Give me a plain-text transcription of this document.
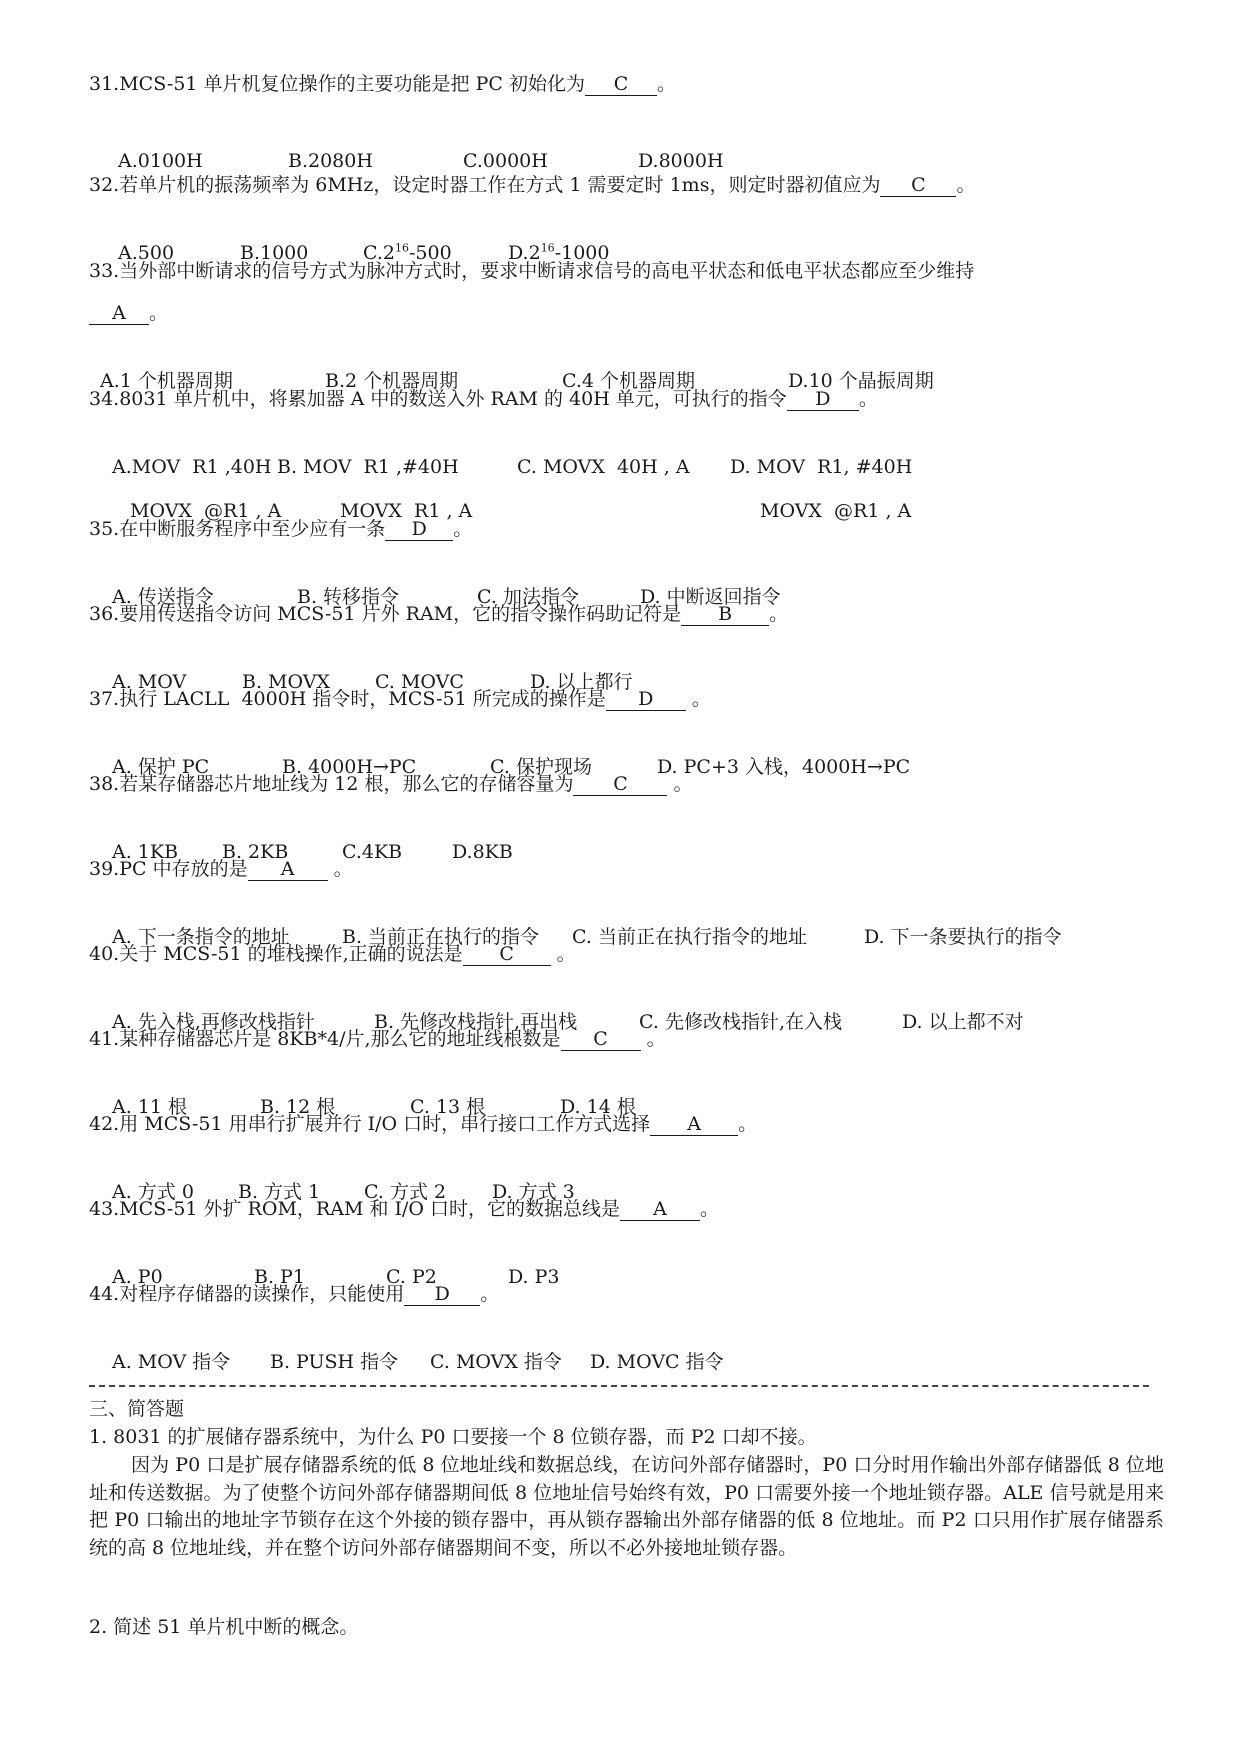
31.MCS-51 单片机复位操作的主要功能是把 PC 初始化为 C 。

A.0100H	B.2080H	C.0000H	D.8000H

32.若单片机的振荡频率为 6MHz，设定时器工作在方式 1 需要定时 1ms，则定时器初值应为 C 。

A.500	B.1000	$C.2^{16}-500$	$D.2^{16}-1000$

33.当外部中断请求的信号方式为脉冲方式时，要求中断请求信号的高电平状态和低电平状态都应至少维持
A 。

A.1 个机器周期	B.2 个机器周期	C.4 个机器周期	D.10 个晶振周期

34.8031 单片机中，将累加器 A 中的数送入外 RAM 的 40H 单元，可执行的指令 D 。

A.MOV  R1 ,40H B. MOV  R1 ,#40H	C. MOVX  40H , A D. MOV  R1, #40H

MOVX  @R1 , A	MOVX  R1 , A	MOVX  @R1 , A

35.在中断服务程序中至少应有一条 D 。

A. 传送指令	B. 转移指令	C. 加法指令	D. 中断返回指令

36.要用传送指令访问 MCS-51 片外 RAM，它的指令操作码助记符是 B 。

A. MOV	B. MOVX C. MOVC	D. 以上都行

37.执行 LACLL  4000H 指令时，MCS-51 所完成的操作是 D 。

A. 保护 PC	B. 4000H→PC	C. 保护现场	D. PC+3 入栈，4000H→PC

38.若某存储器芯片地址线为 12 根，那么它的存储容量为 C 。

A. 1KB B. 2KB	C.4KB	D.8KB

39.PC 中存放的是 A 。

A. 下一条指令的地址	B. 当前正在执行的指令 C. 当前正在执行指令的地址	D. 下一条要执行的指令

40.关于 MCS-51 的堆栈操作,正确的说法是 C 。

A. 先入栈,再修改栈指针	B. 先修改栈指针,再出栈	C. 先修改栈指针,在入栈	D. 以上都不对

41.某种存储器芯片是 8KB*4/片,那么它的地址线根数是 C 。

A. 11 根	B. 12 根	C. 13 根	D. 14 根

42.用 MCS-51 用串行扩展并行 I/O 口时，串行接口工作方式选择 A 。

A. 方式 0 B. 方式 1 C. 方式 2 D. 方式 3

43.MCS-51 外扩 ROM，RAM 和 I/O 口时，它的数据总线是 A 。

A. P0	B. P1	C. P2	D. P3

44.对程序存储器的读操作，只能使用 D 。

A. MOV 指令 B. PUSH 指令 C. MOVX 指令 D. MOVC 指令

三、简答题
1. 8031 的扩展储存器系统中，为什么 P0 口要接一个 8 位锁存器，而 P2 口却不接。
因为 P0 口是扩展存储器系统的低 8 位地址线和数据总线，在访问外部存储器时，P0 口分时用作输出外部存储器低 8 位地址和传送数据。为了使整个访问外部存储器期间低 8 位地址信号始终有效，P0 口需要外接一个地址锁存器。ALE 信号就是用来把 P0 口输出的地址字节锁存在这个外接的锁存器中，再从锁存器输出外部存储器的低 8 位地址。而 P2 口只用作扩展存储器系统的高 8 位地址线，并在整个访问外部存储器期间不变，所以不必外接地址锁存器。
2. 简述 51 单片机中断的概念。
